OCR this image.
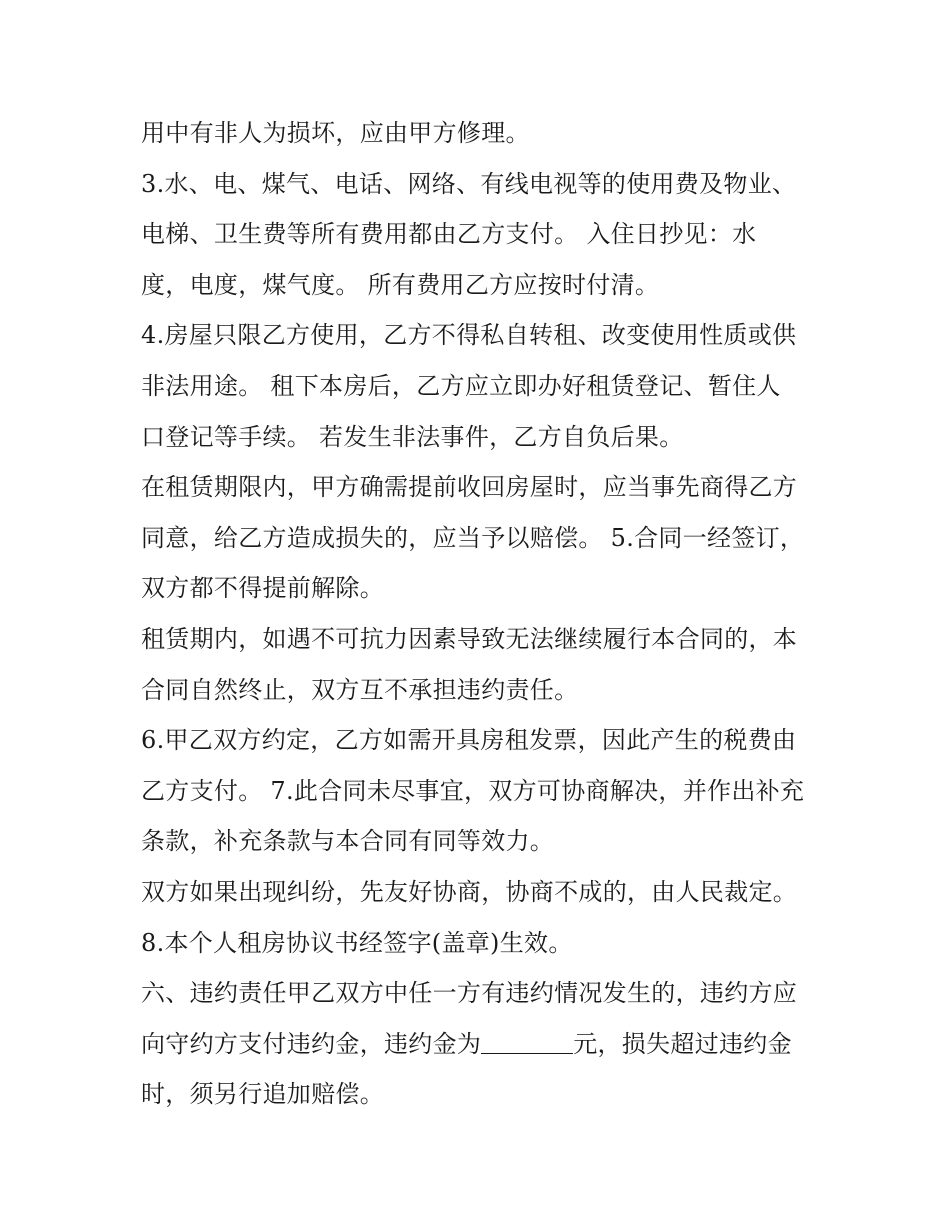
用中有非人为损坏，应由甲方修理。
3.水、电、煤气、电话、网络、有线电视等的使用费及物业、
电梯、卫生费等所有费用都由乙方支付。 入住日抄见：水
度，电度，煤气度。 所有费用乙方应按时付清。
4.房屋只限乙方使用，乙方不得私自转租、改变使用性质或供
非法用途。 租下本房后，乙方应立即办好租赁登记、暂住人
口登记等手续。 若发生非法事件，乙方自负后果。
在租赁期限内，甲方确需提前收回房屋时，应当事先商得乙方
同意，给乙方造成损失的，应当予以赔偿。 5.合同一经签订，
双方都不得提前解除。
租赁期内，如遇不可抗力因素导致无法继续履行本合同的，本
合同自然终止，双方互不承担违约责任。
6.甲乙双方约定，乙方如需开具房租发票，因此产生的税费由
乙方支付。 7.此合同未尽事宜，双方可协商解决，并作出补充
条款，补充条款与本合同有同等效力。
双方如果出现纠纷，先友好协商，协商不成的，由人民裁定。
8.本个人租房协议书经签字(盖章)生效。
六、违约责任甲乙双方中任一方有违约情况发生的，违约方应
向守约方支付违约金，违约金为	元，损失超过违约金
时，须另行追加赔偿。
